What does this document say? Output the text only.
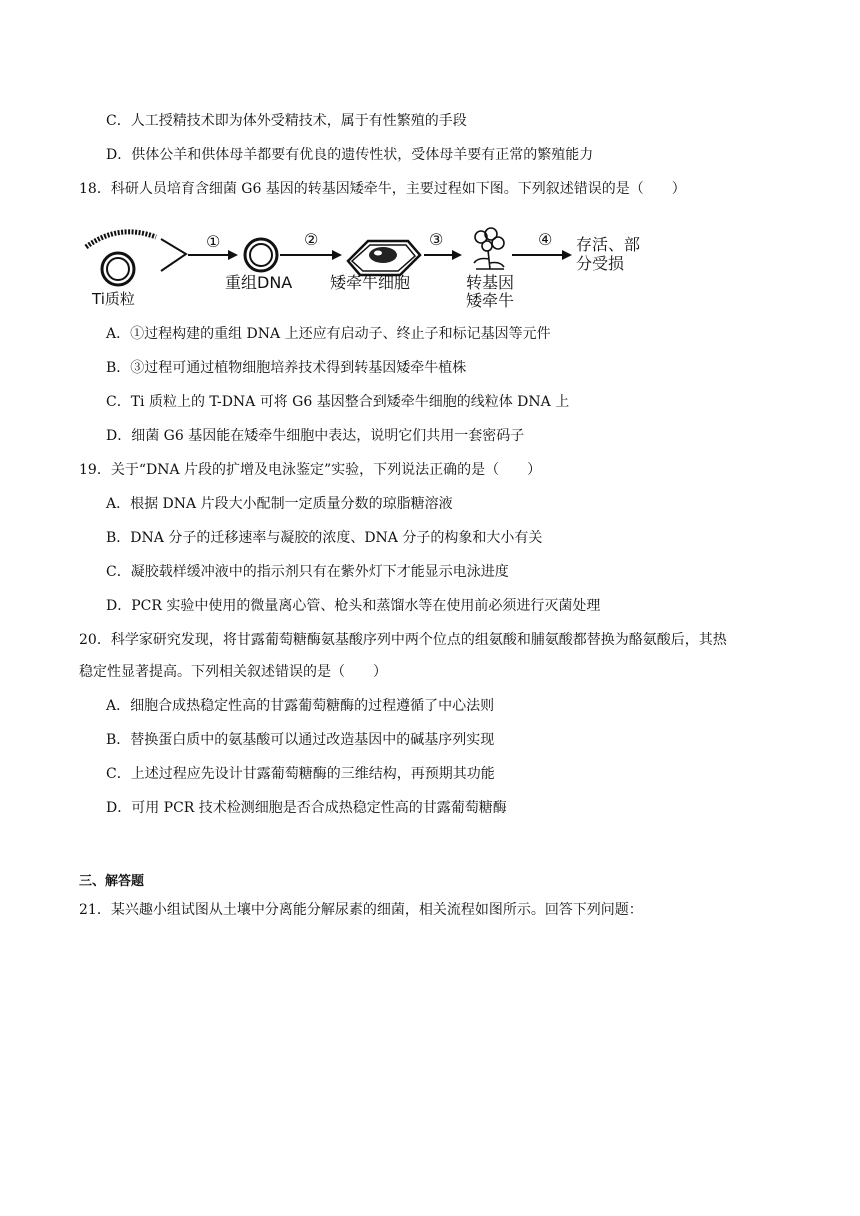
C．人工授精技术即为体外受精技术，属于有性繁殖的手段
D．供体公羊和供体母羊都要有优良的遗传性状，受体母羊要有正常的繁殖能力
18．科研人员培育含细菌 G6 基因的转基因矮牵牛，主要过程如下图。下列叙述错误的是（　　）
Ti质粒
①
重组DNA
②
矮牵牛细胞
③
转基因
矮牵牛
④ 存活、部
分受损
A．①过程构建的重组 DNA 上还应有启动子、终止子和标记基因等元件
B．③过程可通过植物细胞培养技术得到转基因矮牵牛植株
C．Ti 质粒上的 T-DNA 可将 G6 基因整合到矮牵牛细胞的线粒体 DNA 上
D．细菌 G6 基因能在矮牵牛细胞中表达，说明它们共用一套密码子
19．关于“DNA 片段的扩增及电泳鉴定”实验，下列说法正确的是（　　）
A．根据 DNA 片段大小配制一定质量分数的琼脂糖溶液
B．DNA 分子的迁移速率与凝胶的浓度、DNA 分子的构象和大小有关
C．凝胶载样缓冲液中的指示剂只有在紫外灯下才能显示电泳进度
D．PCR 实验中使用的微量离心管、枪头和蒸馏水等在使用前必须进行灭菌处理
20．科学家研究发现，将甘露葡萄糖酶氨基酸序列中两个位点的组氨酸和脯氨酸都替换为酪氨酸后，其热
稳定性显著提高。下列相关叙述错误的是（　　）
A．细胞合成热稳定性高的甘露葡萄糖酶的过程遵循了中心法则
B．替换蛋白质中的氨基酸可以通过改造基因中的碱基序列实现
C．上述过程应先设计甘露葡萄糖酶的三维结构，再预期其功能
D．可用 PCR 技术检测细胞是否合成热稳定性高的甘露葡萄糖酶
三、解答题
21．某兴趣小组试图从土壤中分离能分解尿素的细菌，相关流程如图所示。回答下列问题：
